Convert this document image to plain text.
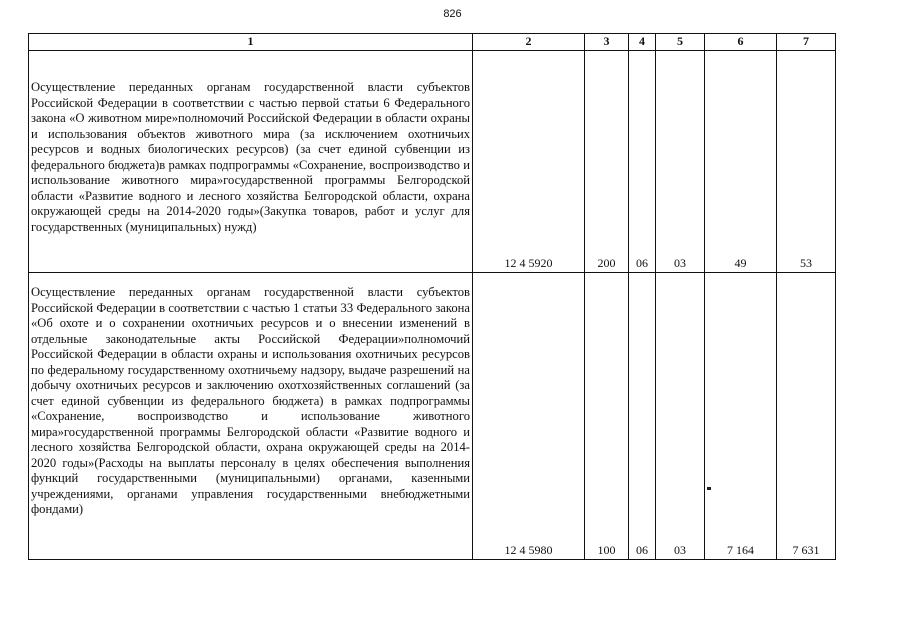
826
1	2	3	4	5	6	7
Осуществление переданных органам государственной власти субъектов Российской Федерации в соответствии с частью первой статьи 6 Федерального закона «О животном мире»полномочий Российской Федерации в области охраны и использования объектов животного мира (за исключением охотничьих ресурсов и водных биологических ресурсов) (за счет единой субвенции из федерального бюджета)в рамках подпрограммы «Сохранение, воспроизводство и использование животного мира»государственной программы Белгородской области «Развитие водного и лесного хозяйства Белгородской области, охрана окружающей среды на 2014-2020 годы»(Закупка товаров, работ и услуг для государственных (муниципальных) нужд)	12 4 5920	200	06	03	49	53
Осуществление переданных органам государственной власти субъектов Российской Федерации в соответствии с частью 1 статьи 33 Федерального закона «Об охоте и о сохранении охотничьих ресурсов и о внесении изменений в отдельные законодательные акты Российской Федерации»полномочий Российской Федерации в области охраны и использования охотничьих ресурсов по федеральному государственному охотничьему надзору, выдаче разрешений на добычу охотничьих ресурсов и заключению охотхозяйственных соглашений (за счет единой субвенции из федерального бюджета) в рамках подпрограммы «Сохранение, воспроизводство и использование животного мира»государственной программы Белгородской области «Развитие водного и лесного хозяйства Белгородской области, охрана окружающей среды на 2014-2020 годы»(Расходы на выплаты персоналу в целях обеспечения выполнения функций государственными (муниципальными) органами, казенными учреждениями, органами управления государственными внебюджетными фондами)	12 4 5980	100	06	03	7 164	7 631
